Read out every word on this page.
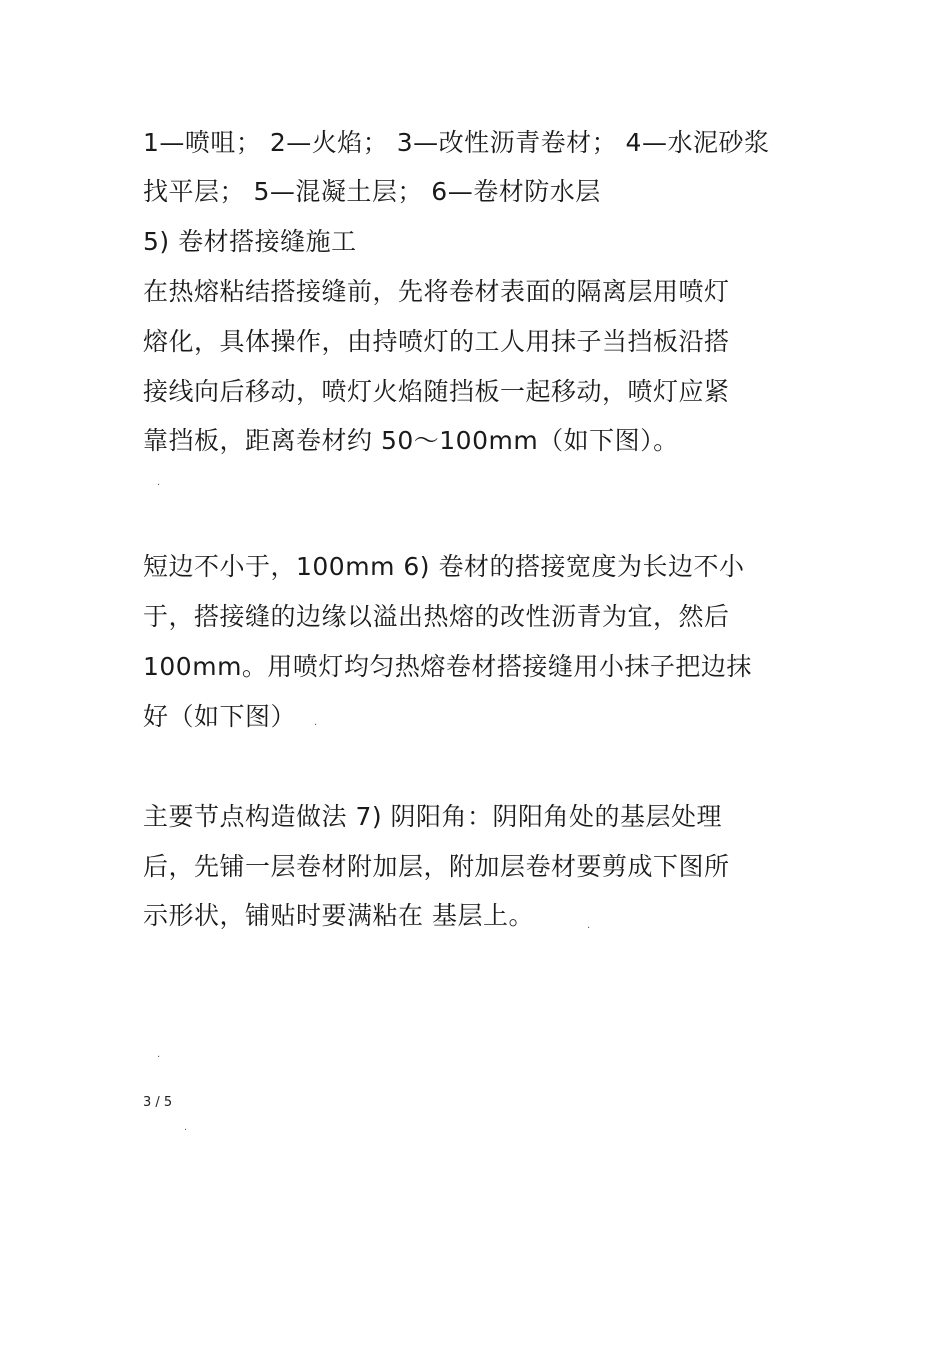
1—喷咀； 2—火焰； 3—改性沥青卷材； 4—水泥砂浆
找平层； 5—混凝土层； 6—卷材防水层
5) 卷材搭接缝施工
在热熔粘结搭接缝前，先将卷材表面的隔离层用喷灯
熔化，具体操作，由持喷灯的工人用抹子当挡板沿搭
接线向后移动，喷灯火焰随挡板一起移动，喷灯应紧
靠挡板，距离卷材约 50～100mm（如下图）。
.
短边不小于，100mm 6) 卷材的搭接宽度为长边不小
于，搭接缝的边缘以溢出热熔的改性沥青为宜，然后
100mm。用喷灯均匀热熔卷材搭接缝用小抹子把边抹
好（如下图） .
主要节点构造做法 7) 阴阳角：阴阳角处的基层处理
后，先铺一层卷材附加层，附加层卷材要剪成下图所
示形状，铺贴时要满粘在 基层上。	.
.
3 / 5
.
